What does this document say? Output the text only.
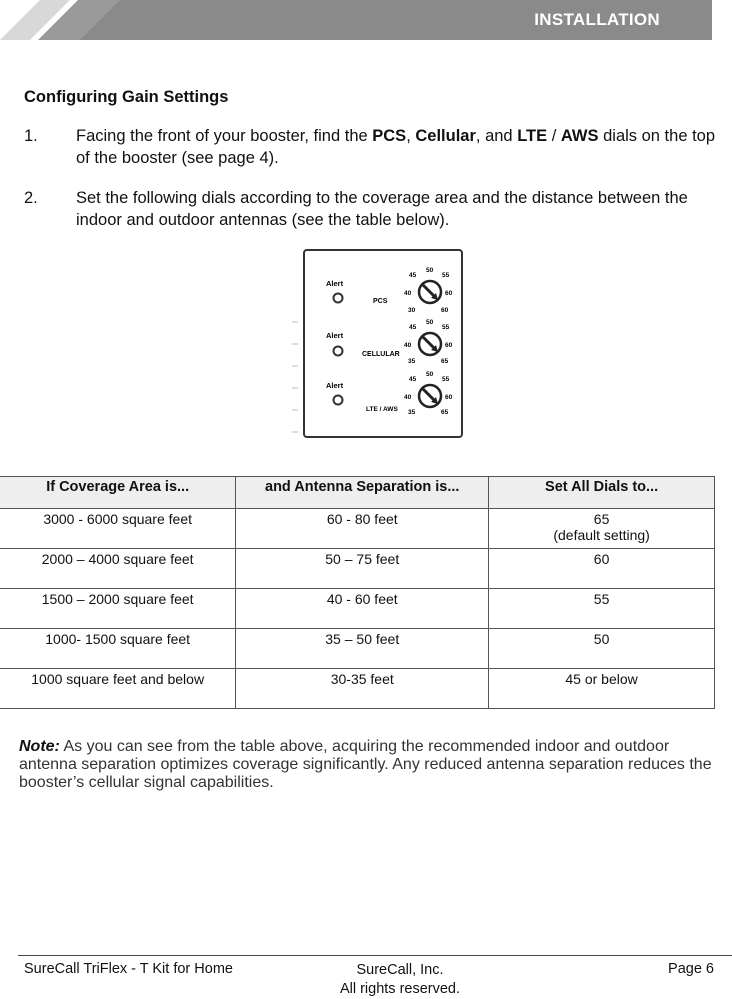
INSTALLATION
Configuring Gain Settings
1. Facing the front of your booster, find the PCS, Cellular, and LTE / AWS dials on the top of the booster (see page 4).
2. Set the following dials according to the coverage area and the distance between the indoor and outdoor antennas (see the table below).
Alert
PCS
45
50
55
40	60
30	60
Alert
CELLULAR
45
50
55
40	60
35	65
Alert
LTE / AWS
45
50
55
40	60
35	65
If Coverage Area is...	and Antenna Separation is...	Set All Dials to...
3000 - 6000 square feet	60 - 80 feet	65
(default setting)

2000 – 4000 square feet	50 – 75 feet	60
1500 – 2000 square feet	40 - 60 feet	55
1000- 1500 square feet	35 – 50 feet	50
1000 square feet and below	30-35 feet	45 or below
Note: As you can see from the table above, acquiring the recommended indoor and outdoor antenna separation optimizes coverage significantly. Any reduced antenna separation reduces the booster’s cellular signal capabilities.
SureCall TriFlex - T Kit for Home	SureCall, Inc.
All rights reserved.
Page 6
